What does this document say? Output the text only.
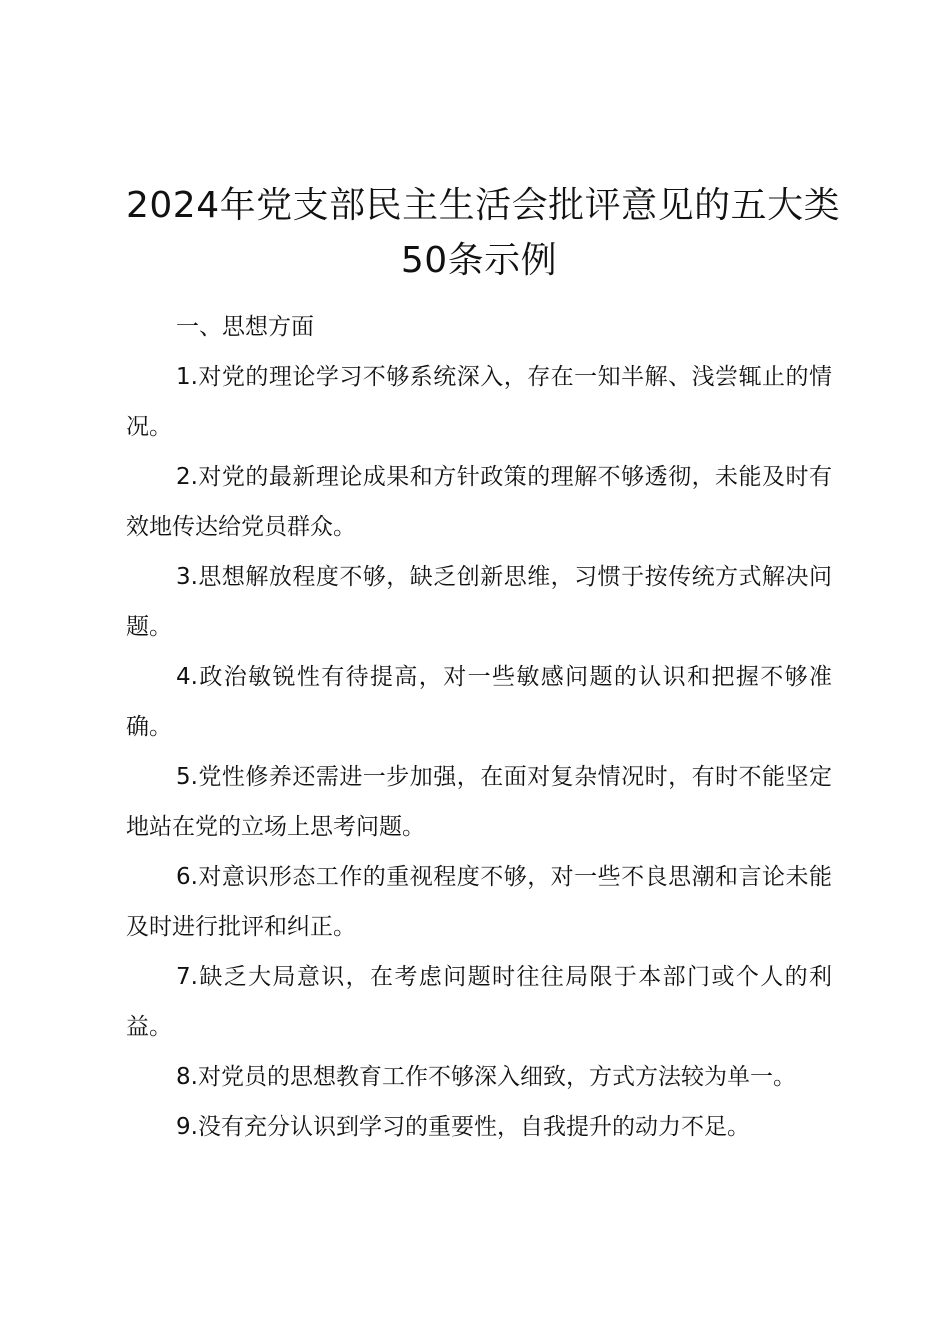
2024年党支部民主生活会批评意见的五大类
50条示例

一、思想方面

1.对党的理论学习不够系统深入，存在一知半解、浅尝辄止的情况。

2.对党的最新理论成果和方针政策的理解不够透彻，未能及时有效地传达给党员群众。

3.思想解放程度不够，缺乏创新思维，习惯于按传统方式解决问题。

4.政治敏锐性有待提高，对一些敏感问题的认识和把握不够准确。

5.党性修养还需进一步加强，在面对复杂情况时，有时不能坚定地站在党的立场上思考问题。

6.对意识形态工作的重视程度不够，对一些不良思潮和言论未能及时进行批评和纠正。

7.缺乏大局意识，在考虑问题时往往局限于本部门或个人的利益。

8.对党员的思想教育工作不够深入细致，方式方法较为单一。

9.没有充分认识到学习的重要性，自我提升的动力不足。
